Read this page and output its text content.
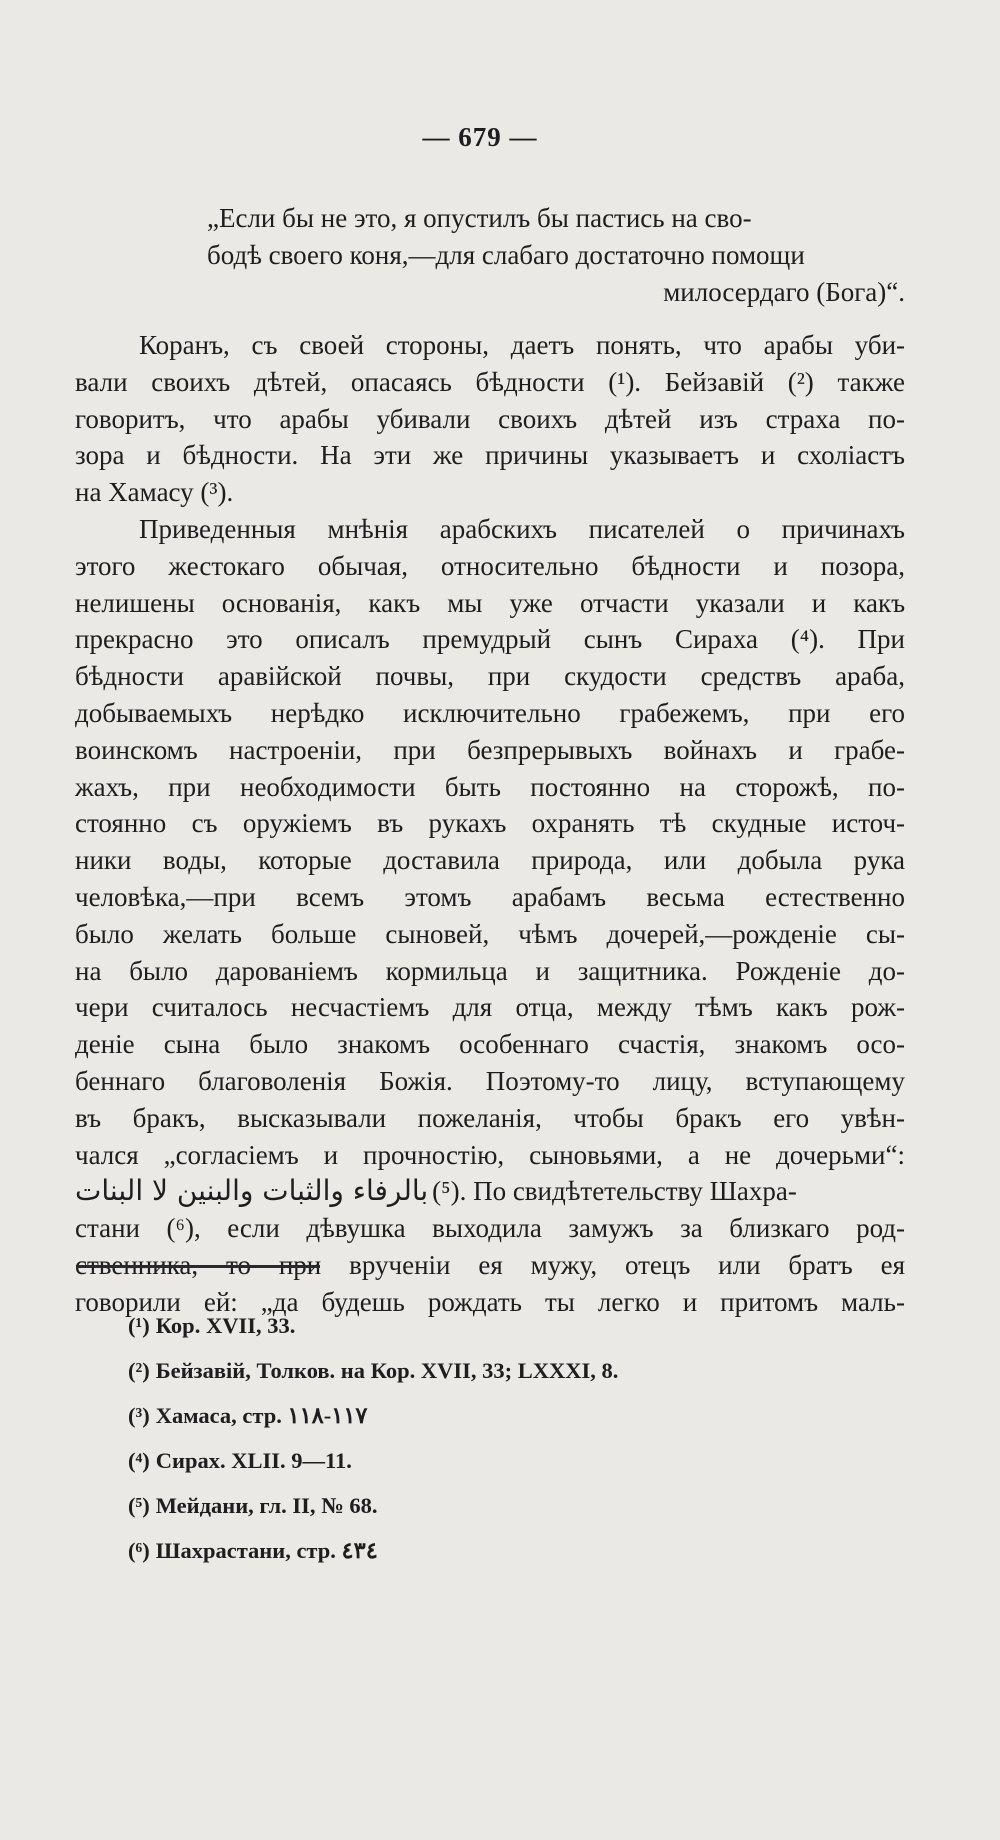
— 679 —
„Если бы не это, я опустилъ бы пастись на сво-
бодѣ своего коня,—для слабаго достаточно помощи
милосердаго (Бога)“.
Коранъ, съ своей стороны, даетъ понять, что арабы уби-
вали своихъ дѣтей, опасаясь бѣдности (¹). Бейзавій (²) также
говоритъ, что арабы убивали своихъ дѣтей изъ страха по-
зора и бѣдности. На эти же причины указываетъ и схоліастъ
на Хамасу (³).
Приведенныя мнѣнія арабскихъ писателей о причинахъ
этого жестокаго обычая, относительно бѣдности и позора,
нелишены основанія, какъ мы уже отчасти указали и какъ
прекрасно это описалъ премудрый сынъ Сираха (⁴). При
бѣдности аравійской почвы, при скудости средствъ араба,
добываемыхъ нерѣдко исключительно грабежемъ, при его
воинскомъ настроеніи, при безпрерывыхъ войнахъ и грабе-
жахъ, при необходимости быть постоянно на сторожѣ, по-
стоянно съ оружіемъ въ рукахъ охранять тѣ скудные источ-
ники воды, которые доставила природа, или добыла рука
человѣка,—при всемъ этомъ арабамъ весьма естественно
было желать больше сыновей, чѣмъ дочерей,—рожденіе сы-
на было дарованіемъ кормильца и защитника. Рожденіе до-
чери считалось несчастіемъ для отца, между тѣмъ какъ рож-
деніе сына было знакомъ особеннаго счастія, знакомъ осо-
беннаго благоволенія Божія. Поэтому-то лицу, вступающему
въ бракъ, высказывали пожеланія, чтобы бракъ его увѣн-
чался „согласіемъ и прочностію, сыновьями, а не дочерьми“:
بالرفاء والثبات والبنين لا البنات (⁵). По свидѣтетельству Шахра-
стани (⁶), если дѣвушка выходила замужъ за близкаго род-
ственника, то при врученіи ея мужу, отецъ или братъ ея
говорили ей: „да будешь рождать ты легко и притомъ маль-
(¹) Кор. XVII, 33.
(²) Бейзавій, Толков. на Кор. XVII, 33; LXXXI, 8.
(³) Хамаса, стр. ١١٧-١١٨
(⁴) Сирах. XLII. 9—11.
(⁵) Мейдани, гл. II, № 68.
(⁶) Шахрастани, стр. ٤٣٤
